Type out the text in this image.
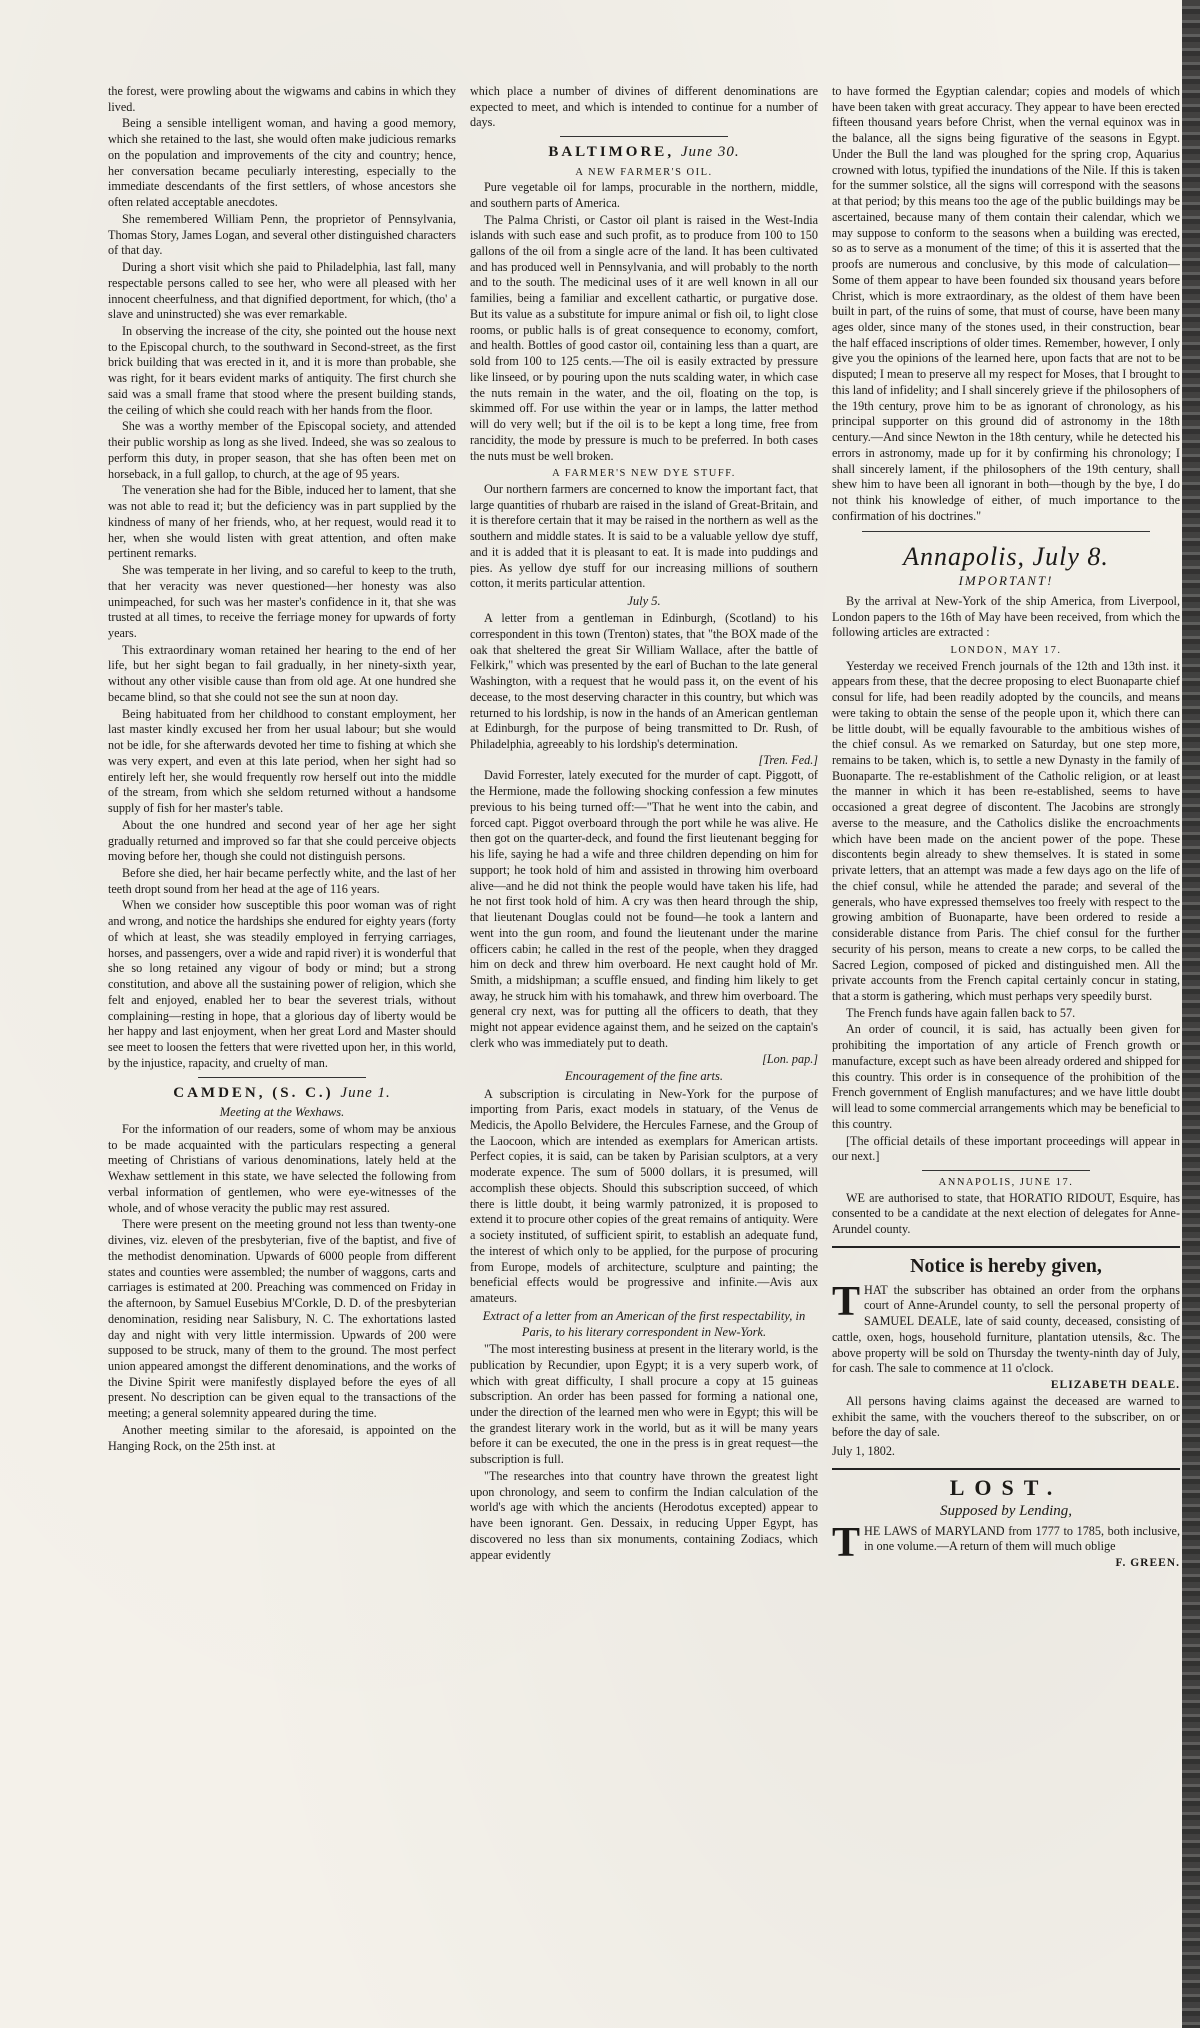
the forest, were prowling about the wigwams and cabins in which they lived.

Being a sensible intelligent woman, and having a good memory, which she retained to the last, she would often make judicious remarks on the population and improvements of the city and country; hence, her conversation became peculiarly interesting, especially to the immediate descendants of the first settlers, of whose ancestors she often related acceptable anecdotes.

She remembered William Penn, the proprietor of Pennsylvania, Thomas Story, James Logan, and several other distinguished characters of that day.

During a short visit which she paid to Philadelphia, last fall, many respectable persons called to see her, who were all pleased with her innocent cheerfulness, and that dignified deportment, for which, (tho' a slave and uninstructed) she was ever remarkable.

In observing the increase of the city, she pointed out the house next to the Episcopal church, to the southward in Second-street, as the first brick building that was erected in it, and it is more than probable, she was right, for it bears evident marks of antiquity. The first church she said was a small frame that stood where the present building stands, the ceiling of which she could reach with her hands from the floor.

She was a worthy member of the Episcopal society, and attended their public worship as long as she lived. Indeed, she was so zealous to perform this duty, in proper season, that she has often been met on horseback, in a full gallop, to church, at the age of 95 years.

The veneration she had for the Bible, induced her to lament, that she was not able to read it; but the deficiency was in part supplied by the kindness of many of her friends, who, at her request, would read it to her, when she would listen with great attention, and often make pertinent remarks.

She was temperate in her living, and so careful to keep to the truth, that her veracity was never questioned—her honesty was also unimpeached, for such was her master's confidence in it, that she was trusted at all times, to receive the ferriage money for upwards of forty years.

This extraordinary woman retained her hearing to the end of her life, but her sight began to fail gradually, in her ninety-sixth year, without any other visible cause than from old age. At one hundred she became blind, so that she could not see the sun at noon day.

Being habituated from her childhood to constant employment, her last master kindly excused her from her usual labour; but she would not be idle, for she afterwards devoted her time to fishing at which she was very expert, and even at this late period, when her sight had so entirely left her, she would frequently row herself out into the middle of the stream, from which she seldom returned without a handsome supply of fish for her master's table.

About the one hundred and second year of her age her sight gradually returned and improved so far that she could perceive objects moving before her, though she could not distinguish persons.

Before she died, her hair became perfectly white, and the last of her teeth dropt sound from her head at the age of 116 years.

When we consider how susceptible this poor woman was of right and wrong, and notice the hardships she endured for eighty years (forty of which at least, she was steadily employed in ferrying carriages, horses, and passengers, over a wide and rapid river) it is wonderful that she so long retained any vigour of body or mind; but a strong constitution, and above all the sustaining power of religion, which she felt and enjoyed, enabled her to bear the severest trials, without complaining—resting in hope, that a glorious day of liberty would be her happy and last enjoyment, when her great Lord and Master should see meet to loosen the fetters that were rivetted upon her, in this world, by the injustice, rapacity, and cruelty of man.

CAMDEN, (S. C.) June 1.
Meeting at the Wexhaws.

For the information of our readers, some of whom may be anxious to be made acquainted with the particulars respecting a general meeting of Christians of various denominations, lately held at the Wexhaw settlement in this state, we have selected the following from verbal information of gentlemen, who were eye-witnesses of the whole, and of whose veracity the public may rest assured.

There were present on the meeting ground not less than twenty-one divines, viz. eleven of the presbyterian, five of the baptist, and five of the methodist denomination. Upwards of 6000 people from different states and counties were assembled; the number of waggons, carts and carriages is estimated at 200. Preaching was commenced on Friday in the afternoon, by Samuel Eusebius M'Corkle, D. D. of the presbyterian denomination, residing near Salisbury, N. C. The exhortations lasted day and night with very little intermission. Upwards of 200 were supposed to be struck, many of them to the ground. The most perfect union appeared amongst the different denominations, and the works of the Divine Spirit were manifestly displayed before the eyes of all present. No description can be given equal to the transactions of the meeting; a general solemnity appeared during the time.

Another meeting similar to the aforesaid, is appointed on the Hanging Rock, on the 25th inst. at

which place a number of divines of different denominations are expected to meet, and which is intended to continue for a number of days.

BALTIMORE, June 30.
A NEW FARMER'S OIL.

Pure vegetable oil for lamps, procurable in the northern, middle, and southern parts of America.

The Palma Christi, or Castor oil plant is raised in the West-India islands with such ease and such profit, as to produce from 100 to 150 gallons of the oil from a single acre of the land. It has been cultivated and has produced well in Pennsylvania, and will probably to the north and to the south. The medicinal uses of it are well known in all our families, being a familiar and excellent cathartic, or purgative dose. But its value as a substitute for impure animal or fish oil, to light close rooms, or public halls is of great consequence to economy, comfort, and health. Bottles of good castor oil, containing less than a quart, are sold from 100 to 125 cents.—The oil is easily extracted by pressure like linseed, or by pouring upon the nuts scalding water, in which case the nuts remain in the water, and the oil, floating on the top, is skimmed off. For use within the year or in lamps, the latter method will do very well; but if the oil is to be kept a long time, free from rancidity, the mode by pressure is much to be preferred. In both cases the nuts must be well broken.

A FARMER'S NEW DYE STUFF.

Our northern farmers are concerned to know the important fact, that large quantities of rhubarb are raised in the island of Great-Britain, and it is therefore certain that it may be raised in the northern as well as the southern and middle states. It is said to be a valuable yellow dye stuff, and it is added that it is pleasant to eat. It is made into puddings and pies. As yellow dye stuff for our increasing millions of southern cotton, it merits particular attention.

July 5.

A letter from a gentleman in Edinburgh, (Scotland) to his correspondent in this town (Trenton) states, that "the BOX made of the oak that sheltered the great Sir William Wallace, after the battle of Felkirk," which was presented by the earl of Buchan to the late general Washington, with a request that he would pass it, on the event of his decease, to the most deserving character in this country, but which was returned to his lordship, is now in the hands of an American gentleman at Edinburgh, for the purpose of being transmitted to Dr. Rush, of Philadelphia, agreeably to his lordship's determination.

[Tren. Fed.]

David Forrester, lately executed for the murder of capt. Piggott, of the Hermione, made the following shocking confession a few minutes previous to his being turned off:—"That he went into the cabin, and forced capt. Piggot overboard through the port while he was alive. He then got on the quarter-deck, and found the first lieutenant begging for his life, saying he had a wife and three children depending on him for support; he took hold of him and assisted in throwing him overboard alive—and he did not think the people would have taken his life, had he not first took hold of him. A cry was then heard through the ship, that lieutenant Douglas could not be found—he took a lantern and went into the gun room, and found the lieutenant under the marine officers cabin; he called in the rest of the people, when they dragged him on deck and threw him overboard. He next caught hold of Mr. Smith, a midshipman; a scuffle ensued, and finding him likely to get away, he struck him with his tomahawk, and threw him overboard. The general cry next, was for putting all the officers to death, that they might not appear evidence against them, and he seized on the captain's clerk who was immediately put to death.

[Lon. pap.]
Encouragement of the fine arts.

A subscription is circulating in New-York for the purpose of importing from Paris, exact models in statuary, of the Venus de Medicis, the Apollo Belvidere, the Hercules Farnese, and the Group of the Laocoon, which are intended as exemplars for American artists. Perfect copies, it is said, can be taken by Parisian sculptors, at a very moderate expence. The sum of 5000 dollars, it is presumed, will accomplish these objects. Should this subscription succeed, of which there is little doubt, it being warmly patronized, it is proposed to extend it to procure other copies of the great remains of antiquity. Were a society instituted, of sufficient spirit, to establish an adequate fund, the interest of which only to be applied, for the purpose of procuring from Europe, models of architecture, sculpture and painting; the beneficial effects would be progressive and infinite.—Avis aux amateurs.

Extract of a letter from an American of the first respectability, in Paris, to his literary correspondent in New-York.

"The most interesting business at present in the literary world, is the publication by Recundier, upon Egypt; it is a very superb work, of which with great difficulty, I shall procure a copy at 15 guineas subscription. An order has been passed for forming a national one, under the direction of the learned men who were in Egypt; this will be the grandest literary work in the world, but as it will be many years before it can be executed, the one in the press is in great request—the subscription is full.

"The researches into that country have thrown the greatest light upon chronology, and seem to confirm the Indian calculation of the world's age with which the ancients (Herodotus excepted) appear to have been ignorant. Gen. Dessaix, in reducing Upper Egypt, has discovered no less than six monuments, containing Zodiacs, which appear evidently

to have formed the Egyptian calendar; copies and models of which have been taken with great accuracy. They appear to have been erected fifteen thousand years before Christ, when the vernal equinox was in the balance, all the signs being figurative of the seasons in Egypt. Under the Bull the land was ploughed for the spring crop, Aquarius crowned with lotus, typified the inundations of the Nile. If this is taken for the summer solstice, all the signs will correspond with the seasons at that period; by this means too the age of the public buildings may be ascertained, because many of them contain their calendar, which we may suppose to conform to the seasons when a building was erected, so as to serve as a monument of the time; of this it is asserted that the proofs are numerous and conclusive, by this mode of calculation—Some of them appear to have been founded six thousand years before Christ, which is more extraordinary, as the oldest of them have been built in part, of the ruins of some, that must of course, have been many ages older, since many of the stones used, in their construction, bear the half effaced inscriptions of older times. Remember, however, I only give you the opinions of the learned here, upon facts that are not to be disputed; I mean to preserve all my respect for Moses, that I brought to this land of infidelity; and I shall sincerely grieve if the philosophers of the 19th century, prove him to be as ignorant of chronology, as his principal supporter on this ground did of astronomy in the 18th century.—And since Newton in the 18th century, while he detected his errors in astronomy, made up for it by confirming his chronology; I shall sincerely lament, if the philosophers of the 19th century, shall shew him to have been all ignorant in both—though by the bye, I do not think his knowledge of either, of much importance to the confirmation of his doctrines."

Annapolis, July 8.
IMPORTANT!

By the arrival at New-York of the ship America, from Liverpool, London papers to the 16th of May have been received, from which the following articles are extracted :

LONDON, MAY 17.

Yesterday we received French journals of the 12th and 13th inst. it appears from these, that the decree proposing to elect Buonaparte chief consul for life, had been readily adopted by the councils, and means were taking to obtain the sense of the people upon it, which there can be little doubt, will be equally favourable to the ambitious wishes of the chief consul. As we remarked on Saturday, but one step more, remains to be taken, which is, to settle a new Dynasty in the family of Buonaparte. The re-establishment of the Catholic religion, or at least the manner in which it has been re-established, seems to have occasioned a great degree of discontent. The Jacobins are strongly averse to the measure, and the Catholics dislike the encroachments which have been made on the ancient power of the pope. These discontents begin already to shew themselves. It is stated in some private letters, that an attempt was made a few days ago on the life of the chief consul, while he attended the parade; and several of the generals, who have expressed themselves too freely with respect to the growing ambition of Buonaparte, have been ordered to reside a considerable distance from Paris. The chief consul for the further security of his person, means to create a new corps, to be called the Sacred Legion, composed of picked and distinguished men. All the private accounts from the French capital certainly concur in stating, that a storm is gathering, which must perhaps very speedily burst.

The French funds have again fallen back to 57.

An order of council, it is said, has actually been given for prohibiting the importation of any article of French growth or manufacture, except such as have been already ordered and shipped for this country. This order is in consequence of the prohibition of the French government of English manufactures; and we have little doubt will lead to some commercial arrangements which may be beneficial to this country.

[The official details of these important proceedings will appear in our next.]

ANNAPOLIS, JUNE 17.

WE are authorised to state, that HORATIO RIDOUT, Esquire, has consented to be a candidate at the next election of delegates for Anne-Arundel county.

Notice is hereby given,

THAT the subscriber has obtained an order from the orphans court of Anne-Arundel county, to sell the personal property of SAMUEL DEALE, late of said county, deceased, consisting of cattle, oxen, hogs, household furniture, plantation utensils, &c. The above property will be sold on Thursday the twenty-ninth day of July, for cash. The sale to commence at 11 o'clock.

ELIZABETH DEALE.

All persons having claims against the deceased are warned to exhibit the same, with the vouchers thereof to the subscriber, on or before the day of sale.

July 1, 1802.

LOST.
Supposed by Lending,

THE LAWS of MARYLAND from 1777 to 1785, both inclusive, in one volume.—A return of them will much oblige

F. GREEN.
